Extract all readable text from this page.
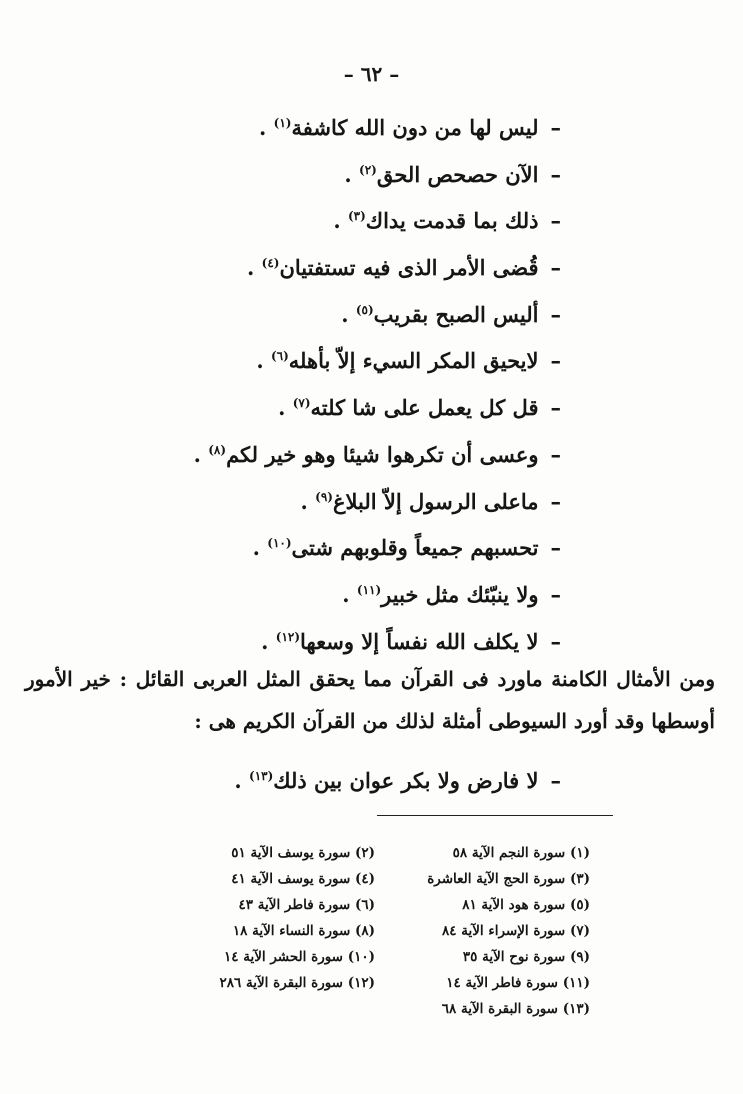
– ٦٢ –
–ليس لها من دون الله كاشفة$^{(١)}$ .
–الآن حصحص الحق$^{(٢)}$ .
–ذلك بما قدمت يداك$^{(٣)}$ .
–قُضى الأمر الذى فيه تستفتيان$^{(٤)}$ .
–أليس الصبح بقريب$^{(٥)}$ .
–لايحيق المكر السيء إلاّ بأهله$^{(٦)}$ .
–قل كل يعمل على شا كلته$^{(٧)}$ .
–وعسى أن تكرهوا شيئا وهو خير لكم$^{(٨)}$ .
–ماعلى الرسول إلاّ البلاغ$^{(٩)}$ .
–تحسبهم جميعاً وقلوبهم شتى$^{(١٠)}$ .
–ولا ينبّئك مثل خبير$^{(١١)}$ .
–لا يكلف الله نفساً إلا وسعها$^{(١٢)}$ .
ومن الأمثال الكامنة ماورد فى القرآن مما يحقق المثل العربى القائل : خير الأمور أوسطها وقد أورد السيوطى أمثلة لذلك من القرآن الكريم هى :
–لا فارض ولا بكر عوان بين ذلك$^{(١٣)}$ .
(١) سورة النجم الآية ٥٨
(٢) سورة يوسف الآية ٥١
(٣) سورة الحج الآية العاشرة
(٤) سورة يوسف الآية ٤١
(٥) سورة هود الآية ٨١
(٦) سورة فاطر الآية ٤٣
(٧) سورة الإسراء الآية ٨٤
(٨) سورة النساء الآية ١٨
(٩) سورة نوح الآية ٣٥
(١٠) سورة الحشر الآية ١٤
(١١) سورة فاطر الآية ١٤
(١٢) سورة البقرة الآية ٢٨٦
(١٣) سورة البقرة الآية ٦٨
